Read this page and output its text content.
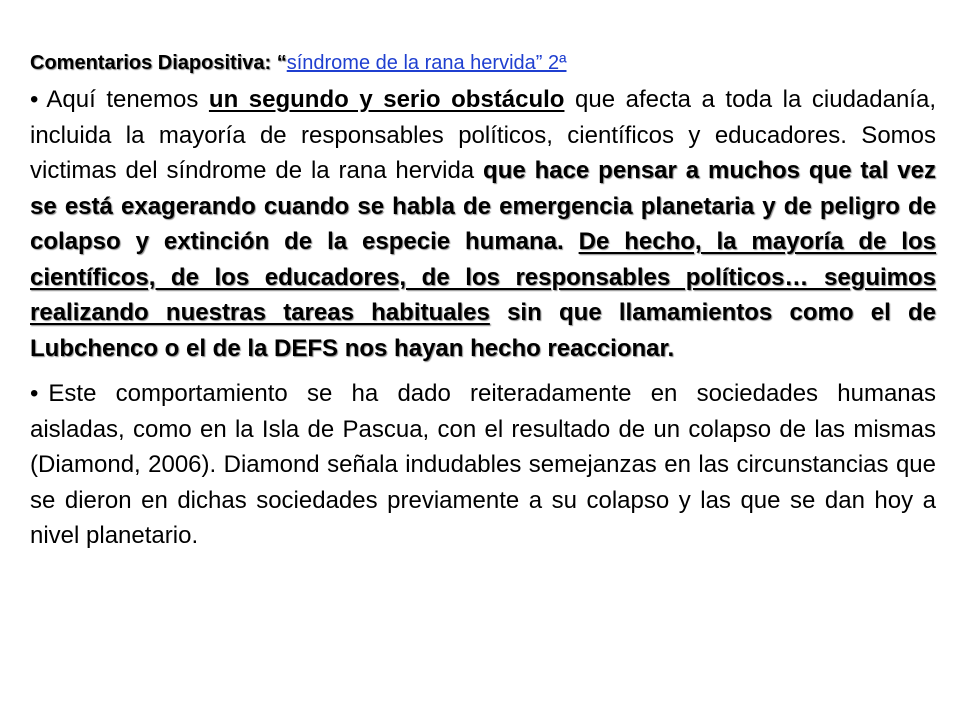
Comentarios Diapositiva: “síndrome de la rana hervida” 2ª

• Aquí tenemos un segundo y serio obstáculo que afecta a toda la ciudadanía, incluida la mayoría de responsables políticos, científicos y educadores. Somos victimas del síndrome de la rana hervida que hace pensar a muchos que tal vez se está exagerando cuando se habla de emergencia planetaria y de peligro de colapso y extinción de la especie humana. De hecho, la mayoría de los científicos, de los educadores, de los responsables políticos… seguimos realizando nuestras tareas habituales sin que llamamientos como el de Lubchenco o el de la DEFS nos hayan hecho reaccionar.

• Este comportamiento se ha dado reiteradamente en sociedades humanas aisladas, como en la Isla de Pascua, con el resultado de un colapso de las mismas (Diamond, 2006). Diamond señala indudables semejanzas en las circunstancias que se dieron en dichas sociedades previamente a su colapso y las que se dan hoy a nivel planetario.
